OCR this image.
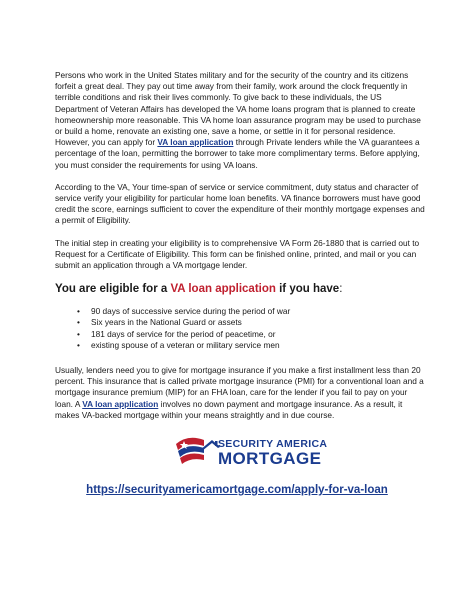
Persons who work in the United States military and for the security of the country and its citizens forfeit a great deal. They pay out time away from their family, work around the clock frequently in terrible conditions and risk their lives commonly. To give back to these individuals, the US Department of Veteran Affairs has developed the VA home loans program that is planned to create homeownership more reasonable. This VA home loan assurance program may be used to purchase or build a home, renovate an existing one, save a home, or settle in it for personal residence. However, you can apply for VA loan application through Private lenders while the VA guarantees a percentage of the loan, permitting the borrower to take more complimentary terms. Before applying, you must consider the requirements for using VA loans.

According to the VA, Your time-span of service or service commitment, duty status and character of service verify your eligibility for particular home loan benefits. VA finance borrowers must have good credit the score, earnings sufficient to cover the expenditure of their monthly mortgage expenses and a permit of Eligibility.

The initial step in creating your eligibility is to comprehensive VA Form 26-1880 that is carried out to Request for a Certificate of Eligibility. This form can be finished online, printed, and mail or you can submit an application through a VA mortgage lender.

You are eligible for a VA loan application if you have:
• 90 days of successive service during the period of war
• Six years in the National Guard or assets
• 181 days of service for the period of peacetime, or
• existing spouse of a veteran or military service men

Usually, lenders need you to give for mortgage insurance if you make a first installment less than 20 percent. This insurance that is called private mortgage insurance (PMI) for a conventional loan and a mortgage insurance premium (MIP) for an FHA loan, care for the lender if you fail to pay on your loan. A VA loan application involves no down payment and mortgage insurance. As a result, it makes VA-backed mortgage within your means straightly and in due course.

SECURITY AMERICA
MORTGAGE
https://securityamericamortgage.com/apply-for-va-loan
